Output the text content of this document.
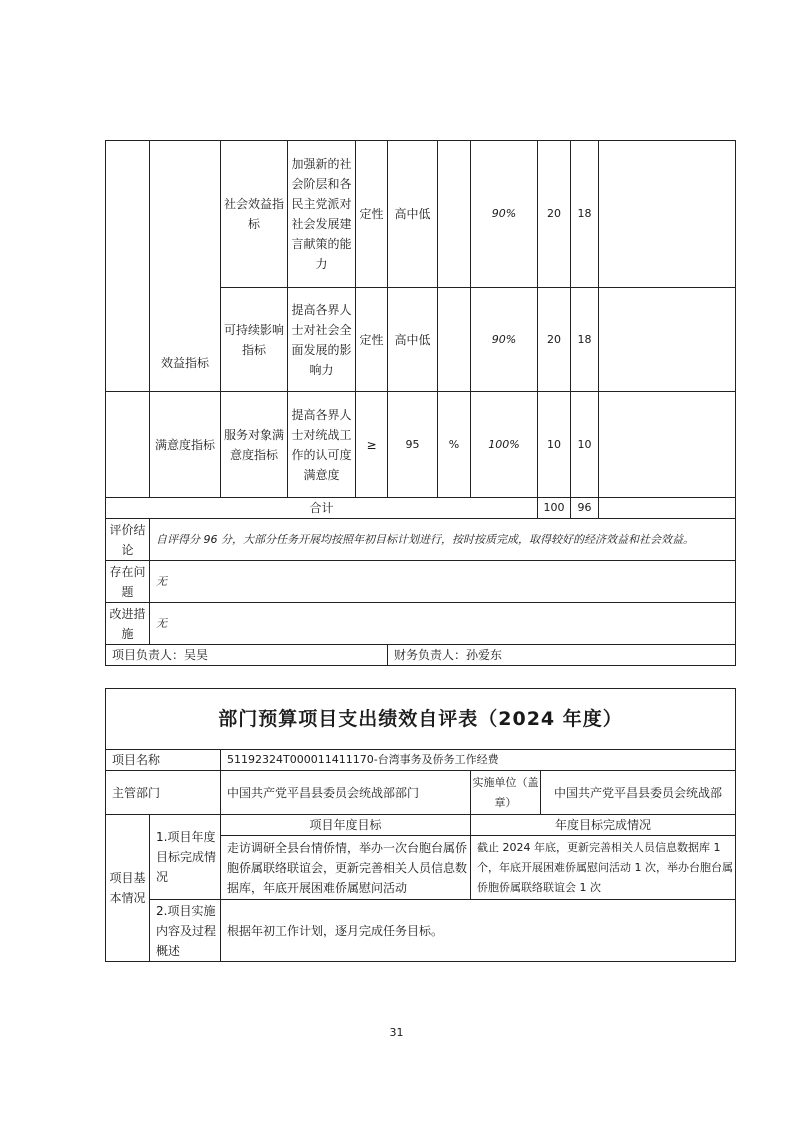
	效益指标	社会效益指标	加强新的社会阶层和各民主党派对社会发展建言献策的能力	定性	高中低		90%	20	18	
		可持续影响指标	提高各界人士对社会全面发展的影响力	定性	高中低		90%	20	18	
	满意度指标	服务对象满意度指标	提高各界人士对统战工作的认可度满意度	≥	95	%	100%	10	10	
合计								100	96	
评价结论	自评得分 96 分，大部分任务开展均按照年初目标计划进行，按时按质完成，取得较好的经济效益和社会效益。									
存在问题	无									
改进措施	无									
项目负责人：吴昊					财务负责人：孙爱东					
部门预算项目支出绩效自评表（2024 年度）				
项目名称		51192324T000011411170-台湾事务及侨务工作经费		
主管部门		中国共产党平昌县委员会统战部部门	实施单位（盖章）	中国共产党平昌县委员会统战部
项目基本情况	1.项目年度目标完成情况	项目年度目标	年度目标完成情况	
		走访调研全县台情侨情，举办一次台胞台属侨胞侨属联络联谊会，更新完善相关人员信息数据库，年底开展困难侨属慰问活动	截止 2024 年底，更新完善相关人员信息数据库 1 个，年底开展困难侨属慰问活动 1 次，举办台胞台属侨胞侨属联络联谊会 1 次	
	2.项目实施内容及过程概述	根据年初工作计划，逐月完成任务目标。		
31
